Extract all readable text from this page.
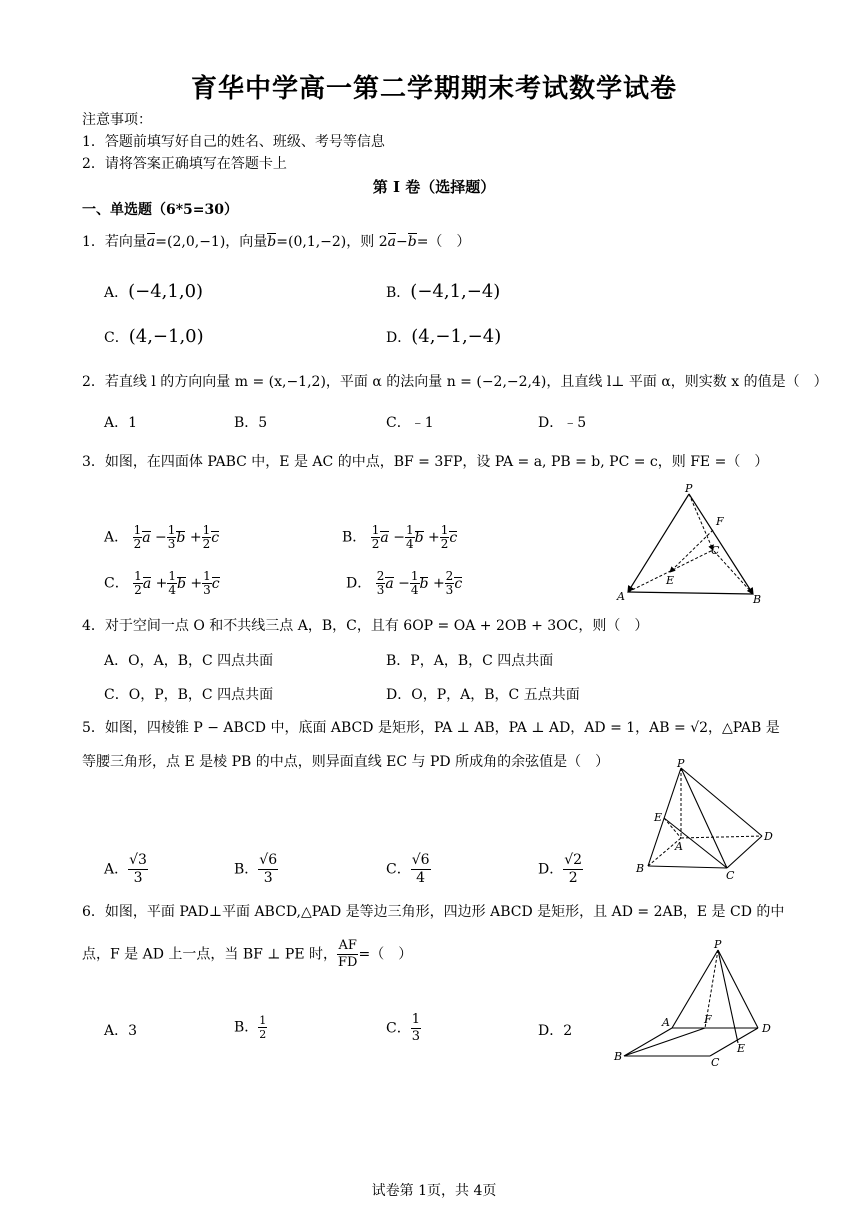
育华中学高一第二学期期末考试数学试卷
注意事项：
1．答题前填写好自己的姓名、班级、考号等信息
2．请将答案正确填写在答题卡上
第 I 卷（选择题）
一、单选题（6*5=30）
1．若向量a=(2,0,−1)，向量b=(0,1,−2)，则 2a−b=（　）
A．(−4,1,0)	B．(−4,1,−4)
C．(4,−1,0)	D．(4,−1,−4)
2．若直线 l 的方向向量 m = (x,−1,2)，平面 α 的法向量 n = (−2,−2,4)，且直线 l⊥ 平面 α，则实数 x 的值是（　）
A．1	B．5	C．﹣1	D．﹣5
3．如图，在四面体 PABC 中，E 是 AC 的中点，BF = 3FP，设 PA = a, PB = b, PC = c，则 FE =（　）
A． $\frac{1}{2}$ $a - \frac{1}{3}$ $b + \frac{1}{2}$ c	B． $\frac{1}{2}$ $a - \frac{1}{4}$ $b + \frac{1}{2}$ c
C． $\frac{1}{2}$ $a + \frac{1}{4}$ $b + \frac{1}{3}$ c	D． $\frac{2}{3}$ $a - \frac{1}{4}$ $b + \frac{2}{3}$ c
P
F
C
E
A	B
4．对于空间一点 O 和不共线三点 A，B，C，且有 6OP = OA + 2OB + 3OC，则（　）
A．O，A，B，C 四点共面	B．P，A，B，C 四点共面
C．O，P，B，C 四点共面	D．O，P，A，B，C 五点共面
5．如图，四棱锥 P − ABCD 中，底面 ABCD 是矩形，PA ⊥ AB，PA ⊥ AD，AD = 1，AB = √2，△PAB 是
等腰三角形，点 E 是棱 PB 的中点，则异面直线 EC 与 PD 所成角的余弦值是（　）
A． $\frac{√3}{3}$	B． $\frac{√6}{3}$	C． $\frac{√6}{4}$	D． $\frac{√2}{2}$
P
E
A
D
B
C
6．如图，平面 PAD⊥平面 ABCD,△PAD 是等边三角形，四边形 ABCD 是矩形，且 AD = 2AB，E 是 CD 的中
点，F 是 AD 上一点，当 BF ⊥ PE 时， $\frac{AF}{FD}$ =（　）
A．3	B． $\frac{1}{2}$	C． $\frac{1}{3}$	D．2
P
A	F
D
B	C
E
试卷第 1页，共 4页
